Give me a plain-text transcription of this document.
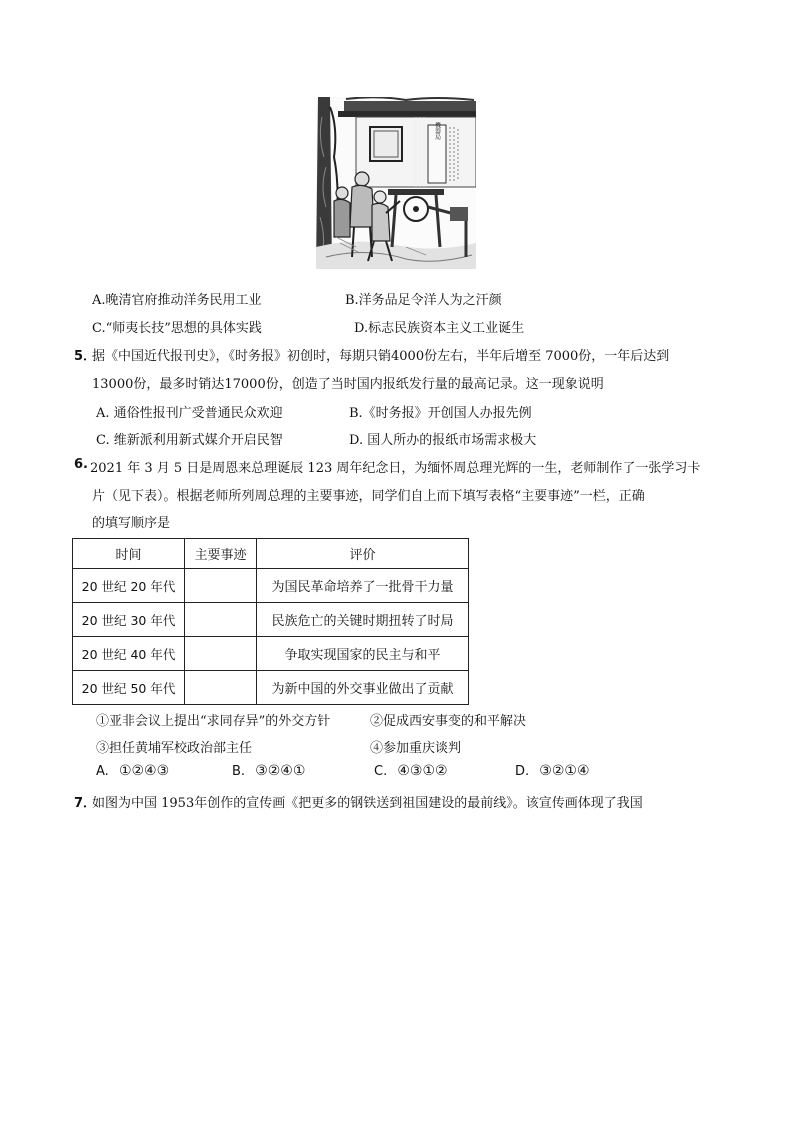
機器局
A.晚清官府推动洋务民用工业	B.洋务品足令洋人为之汗颜
C.“师夷长技”思想的具体实践	D.标志民族资本主义工业诞生
5．
据《中国近代报刊史》，《时务报》初创时，每期只销4000份左右，半年后增至 7000份，一年后达到
13000份，最多时销达17000份，创造了当时国内报纸发行量的最高记录。这一现象说明
A. 通俗性报刊广受普通民众欢迎	B.《时务报》开创国人办报先例
C. 维新派利用新式媒介开启民智	D. 国人所办的报纸市场需求极大
6. 2021 年 3 月 5 日是周恩来总理诞辰 123 周年纪念日，为缅怀周总理光辉的一生，老师制作了一张学习卡
片（见下表）。根据老师所列周总理的主要事迹，同学们自上而下填写表格“主要事迹”一栏，正确
的填写顺序是
时间	主要事迹	评价
20 世纪 20 年代		为国民革命培养了一批骨干力量
20 世纪 30 年代		民族危亡的关键时期扭转了时局
20 世纪 40 年代		争取实现国家的民主与和平
20 世纪 50 年代		为新中国的外交事业做出了贡献
①亚非会议上提出“求同存异”的外交方针	②促成西安事变的和平解决
③担任黄埔军校政治部主任	④参加重庆谈判
A. ①②④③	B. ③②④①	C. ④③①②	D. ③②①④
7．
如图为中国 1953年创作的宣传画《把更多的钢铁送到祖国建设的最前线》。该宣传画体现了我国
